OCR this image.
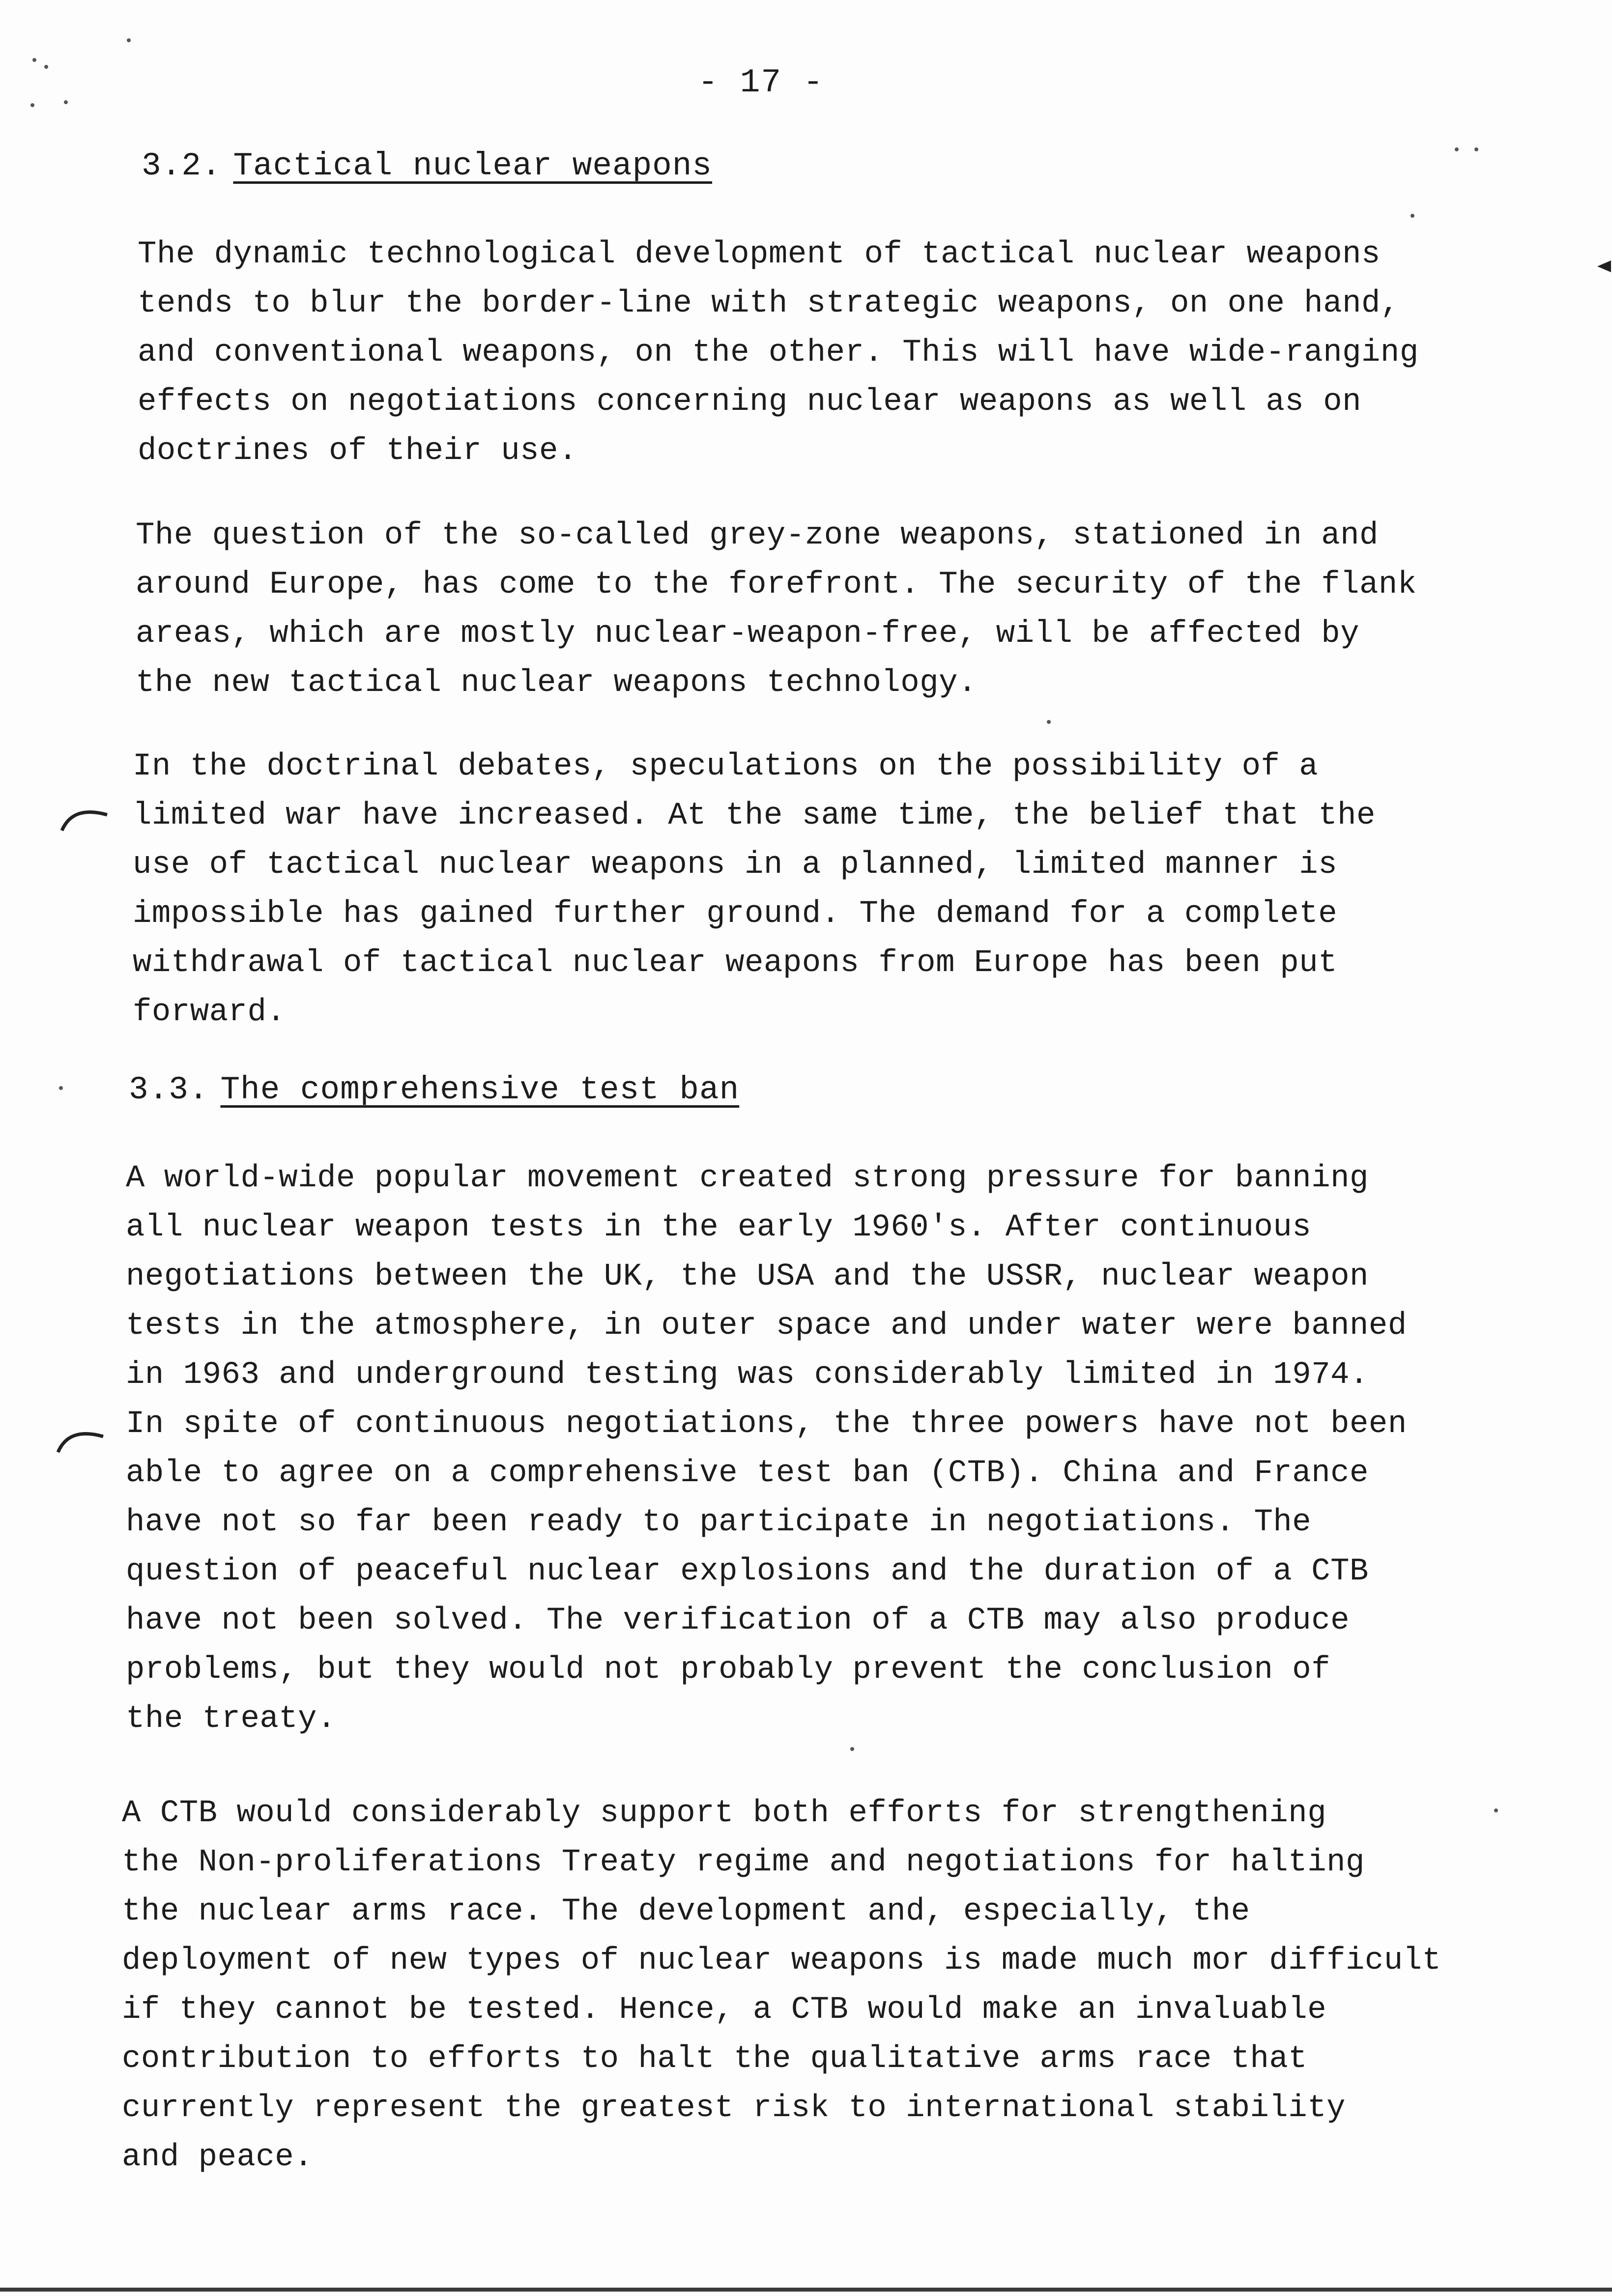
- 17 -
3.2. Tactical nuclear weapons
The dynamic technological development of tactical nuclear weapons
tends to blur the border-line with strategic weapons, on one hand,
and conventional weapons, on the other. This will have wide-ranging
effects on negotiations concerning nuclear weapons as well as on
doctrines of their use.
The question of the so-called grey-zone weapons, stationed in and
around Europe, has come to the forefront. The security of the flank
areas, which are mostly nuclear-weapon-free, will be affected by
the new tactical nuclear weapons technology.
In the doctrinal debates, speculations on the possibility of a
limited war have increased. At the same time, the belief that the
use of tactical nuclear weapons in a planned, limited manner is
impossible has gained further ground. The demand for a complete
withdrawal of tactical nuclear weapons from Europe has been put
forward.
3.3. The comprehensive test ban
A world-wide popular movement created strong pressure for banning
all nuclear weapon tests in the early 1960's. After continuous
negotiations between the UK, the USA and the USSR, nuclear weapon
tests in the atmosphere, in outer space and under water were banned
in 1963 and underground testing was considerably limited in 1974.
In spite of continuous negotiations, the three powers have not been
able to agree on a comprehensive test ban (CTB). China and France
have not so far been ready to participate in negotiations. The
question of peaceful nuclear explosions and the duration of a CTB
have not been solved. The verification of a CTB may also produce
problems, but they would not probably prevent the conclusion of
the treaty.
A CTB would considerably support both efforts for strengthening
the Non-proliferations Treaty regime and negotiations for halting
the nuclear arms race. The development and, especially, the
deployment of new types of nuclear weapons is made much mor difficult
if they cannot be tested. Hence, a CTB would make an invaluable
contribution to efforts to halt the qualitative arms race that
currently represent the greatest risk to international stability
and peace.
